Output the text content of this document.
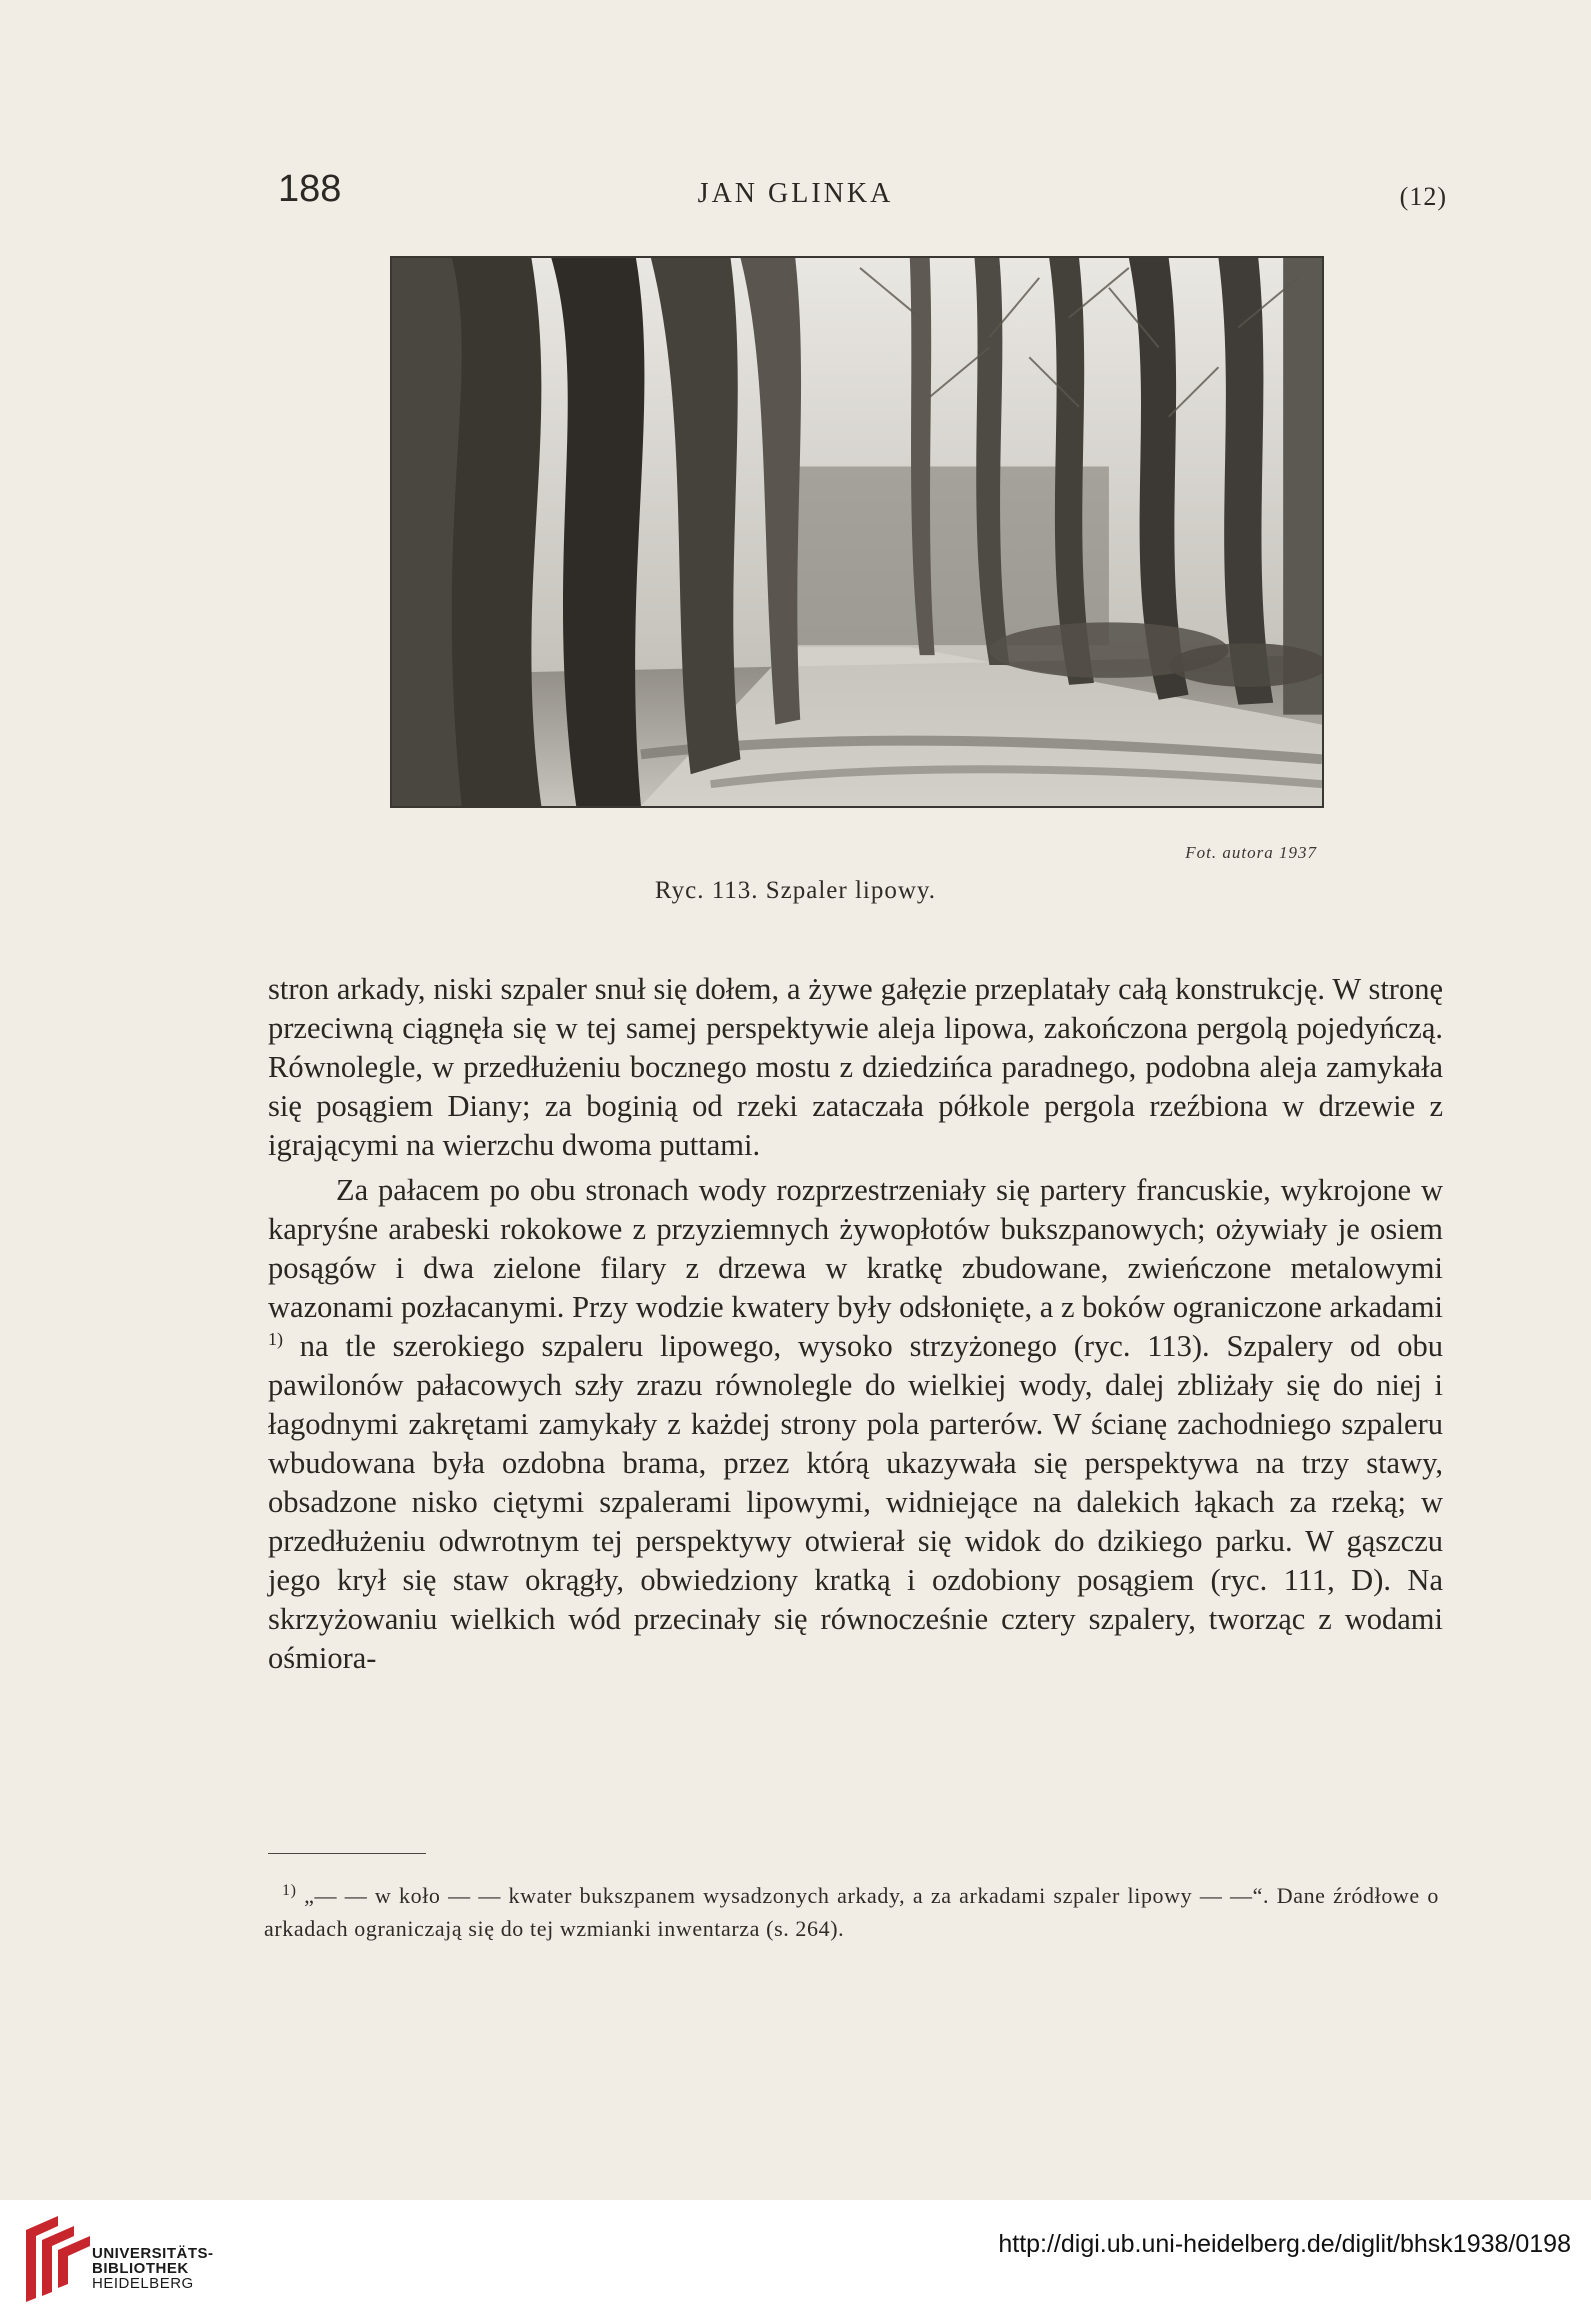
188	JAN GLINKA	(12)
Fot. autora 1937
Ryc. 113. Szpaler lipowy.

stron arkady, niski szpaler snuł się dołem, a żywe gałęzie przeplatały całą konstrukcję. W stronę przeciwną ciągnęła się w tej samej perspektywie aleja lipowa, zakończona pergolą pojedyńczą. Równolegle, w przedłużeniu bocznego mostu z dziedzińca paradnego, podobna aleja zamykała się posągiem Diany; za boginią od rzeki zataczała półkole pergola rzeźbiona w drzewie z igrającymi na wierzchu dwoma puttami.

Za pałacem po obu stronach wody rozprzestrzeniały się partery francuskie, wykrojone w kapryśne arabeski rokokowe z przyziemnych żywopłotów bukszpanowych; ożywiały je osiem posągów i dwa zielone filary z drzewa w kratkę zbudowane, zwieńczone metalowymi wazonami pozłacanymi. Przy wodzie kwatery były odsłonięte, a z boków ograniczone arkadami $^{1)}$ na tle szerokiego szpaleru lipowego, wysoko strzyżonego (ryc. 113). Szpalery od obu pawilonów pałacowych szły zrazu równolegle do wielkiej wody, dalej zbliżały się do niej i łagodnymi zakrętami zamykały z każdej strony pola parterów. W ścianę zachodniego szpaleru wbudowana była ozdobna brama, przez którą ukazywała się perspektywa na trzy stawy, obsadzone nisko ciętymi szpalerami lipowymi, widniejące na dalekich łąkach za rzeką; w przedłużeniu odwrotnym tej perspektywy otwierał się widok do dzikiego parku. W gąszczu jego krył się staw okrągły, obwiedziony kratką i ozdobiony posągiem (ryc. 111, D). Na skrzyżowaniu wielkich wód przecinały się równocześnie cztery szpalery, tworząc z wodami ośmiora-

$^{1)}$ „— — w koło — — kwater bukszpanem wysadzonych arkady, a za arkadami szpaler lipowy — —“. Dane źródłowe o arkadach ograniczają się do tej wzmianki inwentarza (s. 264).
UNIVERSITÄTS-
BIBLIOTHEK
HEIDELBERG
http://digi.ub.uni-heidelberg.de/diglit/bhsk1938/0198
